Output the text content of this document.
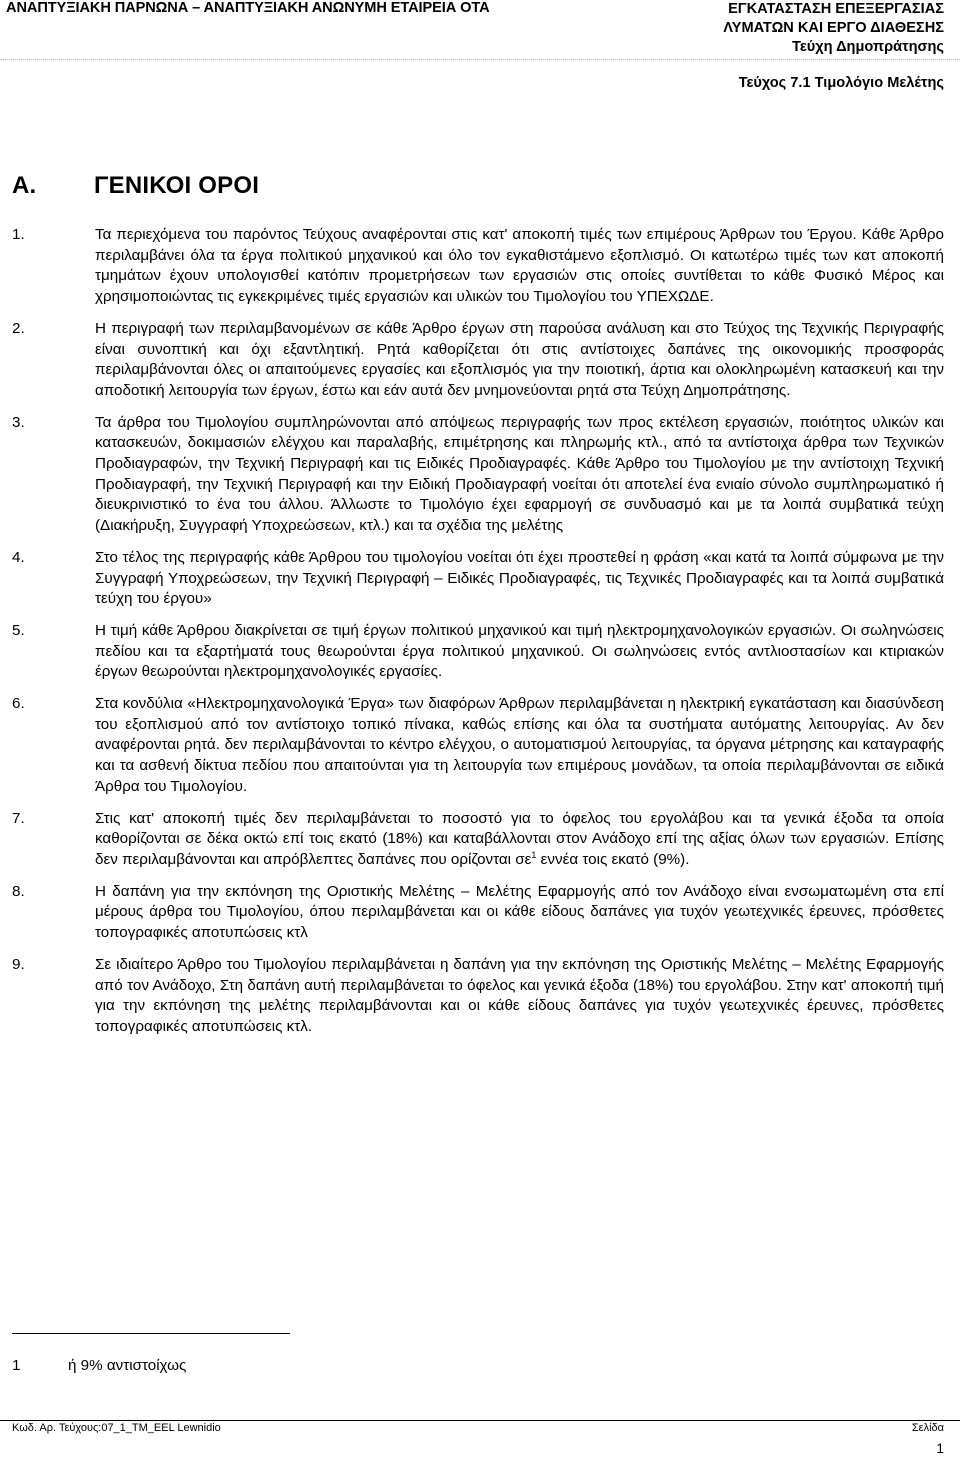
ΑΝΑΠΤΥΞΙΑΚΗ ΠΑΡΝΩΝΑ – ΑΝΑΠΤΥΞΙΑΚΗ ΑΝΩΝΥΜΗ ΕΤΑΙΡΕΙΑ ΟΤΑ	ΕΓΚΑΤΑΣΤΑΣΗ ΕΠΕΞΕΡΓΑΣΙΑΣ
ΛΥΜΑΤΩΝ ΚΑΙ ΕΡΓΟ ΔΙΑΘΕΣΗΣ
Τεύχη Δημοπράτησης
Τεύχος 7.1 Τιμολόγιο Μελέτης
Α. ΓΕΝΙΚΟΙ ΟΡΟΙ
1.	Τα περιεχόμενα του παρόντος Τεύχους αναφέρονται στις κατ' αποκοπή τιμές των επιμέρους Άρθρων του Έργου. Κάθε Άρθρο περιλαμβάνει όλα τα έργα πολιτικού μηχανικού και όλο τον εγκαθιστάμενο εξοπλισμό. Οι κατωτέρω τιμές των κατ αποκοπή τμημάτων έχουν υπολογισθεί κατόπιν προμετρήσεων των εργασιών στις οποίες συντίθεται το κάθε Φυσικό Μέρος και χρησιμοποιώντας τις εγκεκριμένες τιμές εργασιών και υλικών του Τιμολογίου του ΥΠΕΧΩΔΕ.
2.	Η περιγραφή των περιλαμβανομένων σε κάθε Άρθρο έργων στη παρούσα ανάλυση και στο Τεύχος της Τεχνικής Περιγραφής είναι συνοπτική και όχι εξαντλητική. Ρητά καθορίζεται ότι στις αντίστοιχες δαπάνες της οικονομικής προσφοράς περιλαμβάνονται όλες οι απαιτούμενες εργασίες και εξοπλισμός για την ποιοτική, άρτια και ολοκληρωμένη κατασκευή και την αποδοτική λειτουργία των έργων, έστω και εάν αυτά δεν μνημονεύονται ρητά στα Τεύχη Δημοπράτησης.
3.	Τα άρθρα του Τιμολογίου συμπληρώνονται από απόψεως περιγραφής των προς εκτέλεση εργασιών, ποιότητος υλικών και κατασκευών, δοκιμασιών ελέγχου και παραλαβής, επιμέτρησης και πληρωμής κτλ., από τα αντίστοιχα άρθρα των Τεχνικών Προδιαγραφών, την Τεχνική Περιγραφή και τις Ειδικές Προδιαγραφές. Κάθε Άρθρο του Τιμολογίου με την αντίστοιχη Τεχνική Προδιαγραφή, την Τεχνική Περιγραφή και την Ειδική Προδιαγραφή νοείται ότι αποτελεί ένα ενιαίο σύνολο συμπληρωματικό ή διευκρινιστικό το ένα του άλλου. Άλλωστε το Τιμολόγιο έχει εφαρμογή σε συνδυασμό και με τα λοιπά συμβατικά τεύχη (Διακήρυξη, Συγγραφή Υποχρεώσεων, κτλ.) και τα σχέδια της μελέτης
4.	Στο τέλος της περιγραφής κάθε Άρθρου του τιμολογίου νοείται ότι έχει προστεθεί η φράση «και κατά τα λοιπά σύμφωνα με την Συγγραφή Υποχρεώσεων, την Τεχνική Περιγραφή – Ειδικές Προδιαγραφές, τις Τεχνικές Προδιαγραφές και τα λοιπά συμβατικά τεύχη του έργου»
5.	Η τιμή κάθε Άρθρου διακρίνεται σε τιμή έργων πολιτικού μηχανικού και τιμή ηλεκτρομηχανολογικών εργασιών. Οι σωληνώσεις πεδίου και τα εξαρτήματά τους θεωρούνται έργα πολιτικού μηχανικού. Οι σωληνώσεις εντός αντλιοστασίων και κτιριακών έργων θεωρούνται ηλεκτρομηχανολογικές εργασίες.
6.	Στα κονδύλια «Ηλεκτρομηχανολογικά Έργα» των διαφόρων Άρθρων περιλαμβάνεται η ηλεκτρική εγκατάσταση και διασύνδεση του εξοπλισμού από τον αντίστοιχο τοπικό πίνακα, καθώς επίσης και όλα τα συστήματα αυτόματης λειτουργίας. Αν δεν αναφέρονται ρητά. δεν περιλαμβάνονται το κέντρο ελέγχου, ο αυτοματισμού λειτουργίας, τα όργανα μέτρησης και καταγραφής και τα ασθενή δίκτυα πεδίου που απαιτούνται για τη λειτουργία των επιμέρους μονάδων, τα οποία περιλαμβάνονται σε ειδικά Άρθρα του Τιμολογίου.
7.	Στις κατ' αποκοπή τιμές δεν περιλαμβάνεται το ποσοστό για το όφελος του εργολάβου και τα γενικά έξοδα τα οποία καθορίζονται σε δέκα οκτώ επί τοις εκατό (18%) και καταβάλλονται στον Ανάδοχο επί της αξίας όλων των εργασιών. Επίσης δεν περιλαμβάνονται και απρόβλεπτες δαπάνες που ορίζονται $\sigma\varepsilon^1$ εννέα τοις εκατό (9%).
8.	Η δαπάνη για την εκπόνηση της Οριστικής Μελέτης – Μελέτης Εφαρμογής από τον Ανάδοχο είναι ενσωματωμένη στα επί μέρους άρθρα του Τιμολογίου, όπου περιλαμβάνεται και οι κάθε είδους δαπάνες για τυχόν γεωτεχνικές έρευνες, πρόσθετες τοπογραφικές αποτυπώσεις κτλ
9.	Σε ιδιαίτερο Άρθρο του Τιμολογίου περιλαμβάνεται η δαπάνη για την εκπόνηση της Οριστικής Μελέτης – Μελέτης Εφαρμογής από τον Ανάδοχο, Στη δαπάνη αυτή περιλαμβάνεται το όφελος και γενικά έξοδα (18%) του εργολάβου. Στην κατ' αποκοπή τιμή για την εκπόνηση της μελέτης περιλαμβάνονται και οι κάθε είδους δαπάνες για τυχόν γεωτεχνικές έρευνες, πρόσθετες τοπογραφικές αποτυπώσεις κτλ.
1	ή 9% αντιστοίχως
Κωδ. Αρ. Τεύχους:07_1_TM_EEL Lewnidio	Σελίδα
1
